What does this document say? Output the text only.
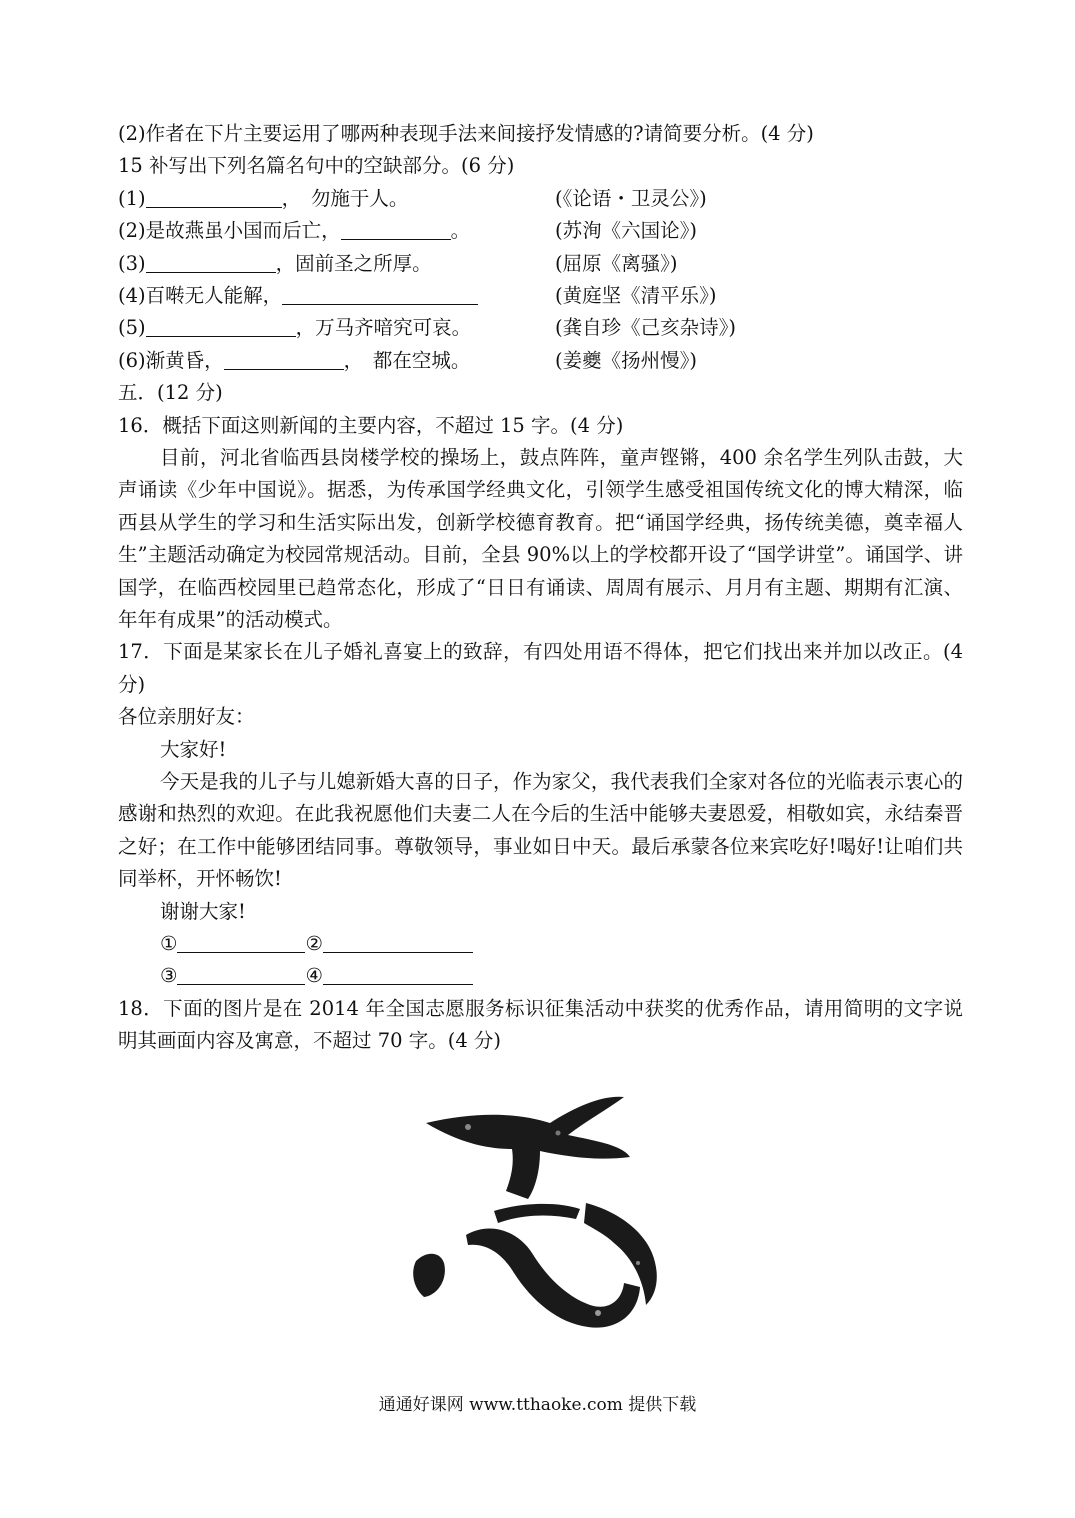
(2)作者在下片主要运用了哪两种表现手法来间接抒发情感的?请简要分析。(4 分)
15 补写出下列名篇名句中的空缺部分。(6 分)
(1)	，　勿施于人。	(《论语・卫灵公》)
(2)是故燕虽小国而后亡，	。	(苏洵《六国论》)
(3)	，固前圣之所厚。	(屈原《离骚》)
(4)百啭无人能解，	(黄庭坚《清平乐》)
(5)	，万马齐喑究可哀。	(龚自珍《己亥杂诗》)
(6)渐黄昏，	，　都在空城。	(姜夔《扬州慢》)
五．(12 分)
16．概括下面这则新闻的主要内容，不超过 15 字。(4 分)
目前，河北省临西县岗楼学校的操场上，鼓点阵阵，童声铿锵，400 余名学生列队击鼓，大声诵读《少年中国说》。据悉，为传承国学经典文化，引领学生感受祖国传统文化的博大精深，临西县从学生的学习和生活实际出发，创新学校德育教育。把“诵国学经典，扬传统美德，奠幸福人生”主题活动确定为校园常规活动。目前，全县 90%以上的学校都开设了“国学讲堂”。诵国学、讲国学，在临西校园里已趋常态化，形成了“日日有诵读、周周有展示、月月有主题、期期有汇演、年年有成果”的活动模式。
17．下面是某家长在儿子婚礼喜宴上的致辞，有四处用语不得体，把它们找出来并加以改正。(4 分)
各位亲朋好友：
大家好!
今天是我的儿子与儿媳新婚大喜的日子，作为家父，我代表我们全家对各位的光临表示衷心的感谢和热烈的欢迎。在此我祝愿他们夫妻二人在今后的生活中能够夫妻恩爱，相敬如宾，永结秦晋之好；在工作中能够团结同事。尊敬领导，事业如日中天。最后承蒙各位来宾吃好!喝好!让咱们共同举杯，开怀畅饮!
谢谢大家!
①	②
③	④
18．下面的图片是在 2014 年全国志愿服务标识征集活动中获奖的优秀作品，请用简明的文字说明其画面内容及寓意，不超过 70 字。(4 分)
通通好课网 www.tthaoke.com 提供下载
